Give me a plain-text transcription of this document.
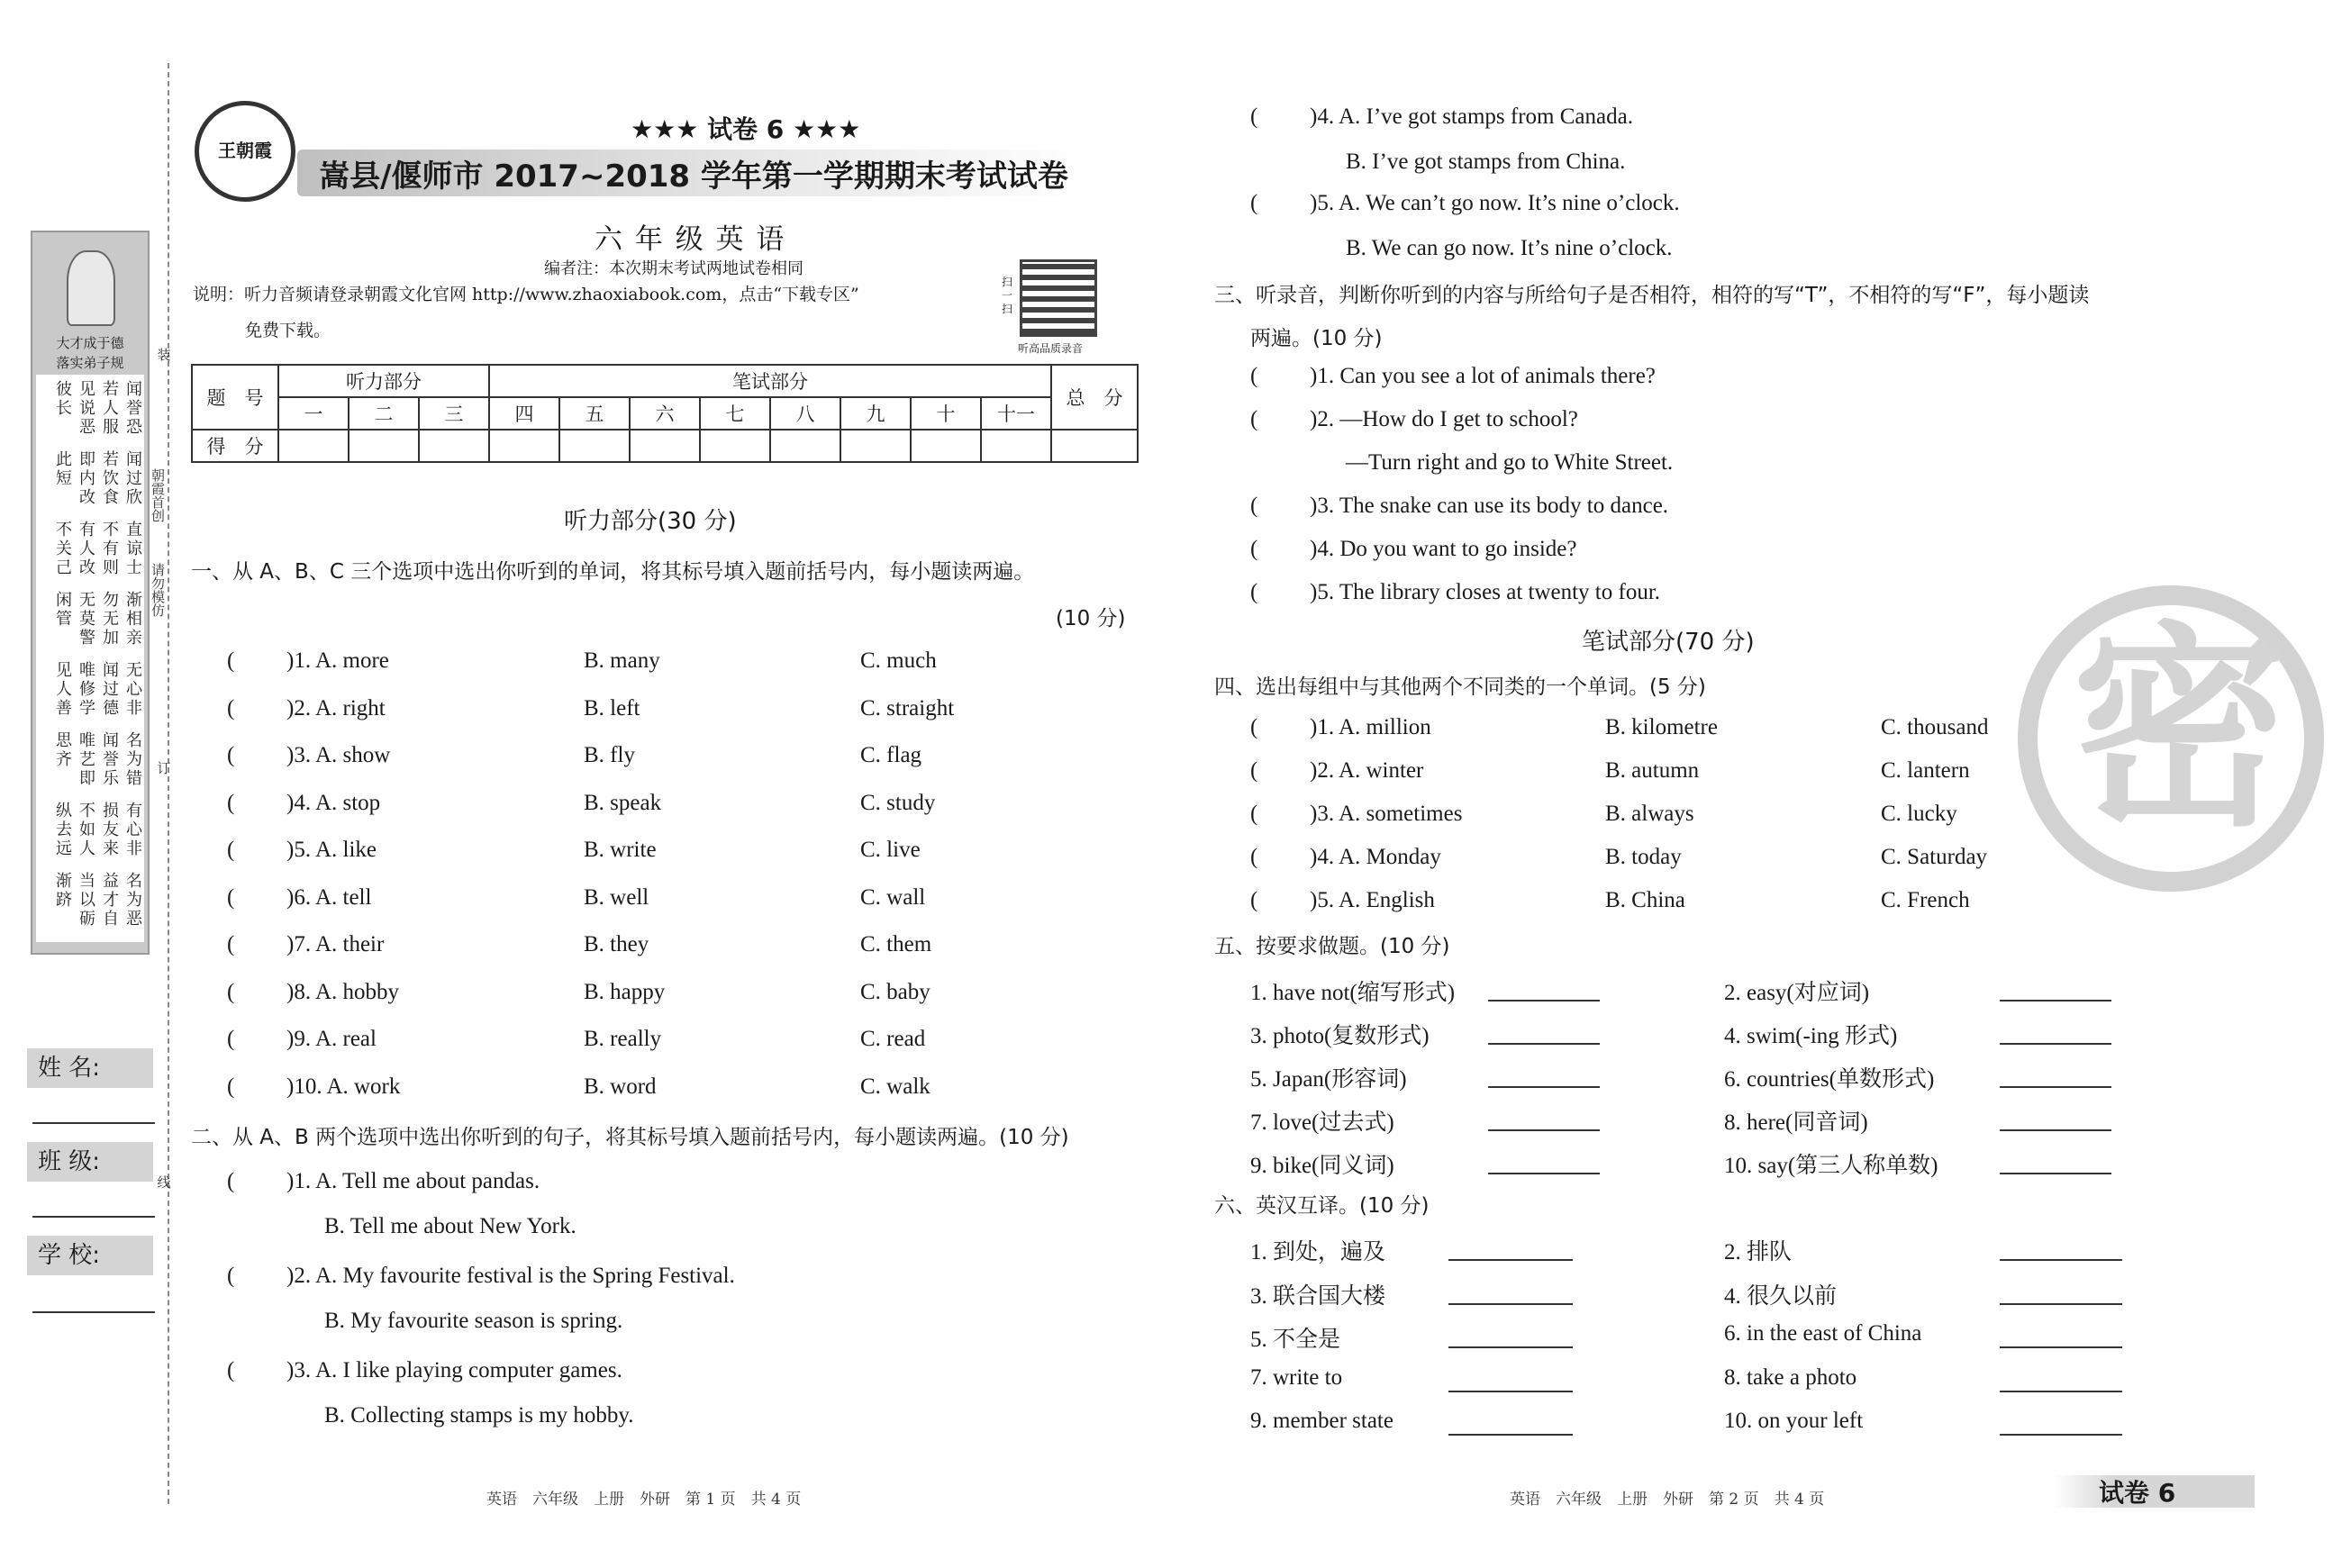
大才成于德
落实弟子规
闻誉恐
若人服
见说恶
彼长
闻过欣
若饮食
即内改
此短
直谅士
不有则
有人改
不关己
渐相亲
勿无加
无莫警
闲管
无心非
闻过德
唯修学
见人善
名为错
闻誉乐
唯艺即
思齐
有心非
损友来
不如人
纵去远
名为恶
益才自
当以砺
渐跻
装
订
线
朝霞首创
请勿模仿
姓 名:
班 级:
学 校:
王朝霞
★★★ 试卷 6 ★★★
嵩县/偃师市 2017~2018 学年第一学期期末考试试卷
六 年 级 英 语
编者注：本次期末考试两地试卷相同
说明：听力音频请登录朝霞文化官网 http://www.zhaoxiabook.com，点击“下载专区”
免费下载。
扫一扫
听高品质录音
题　号	听力部分			笔试部分								总　分
	一	二	三	四	五	六	七	八	九	十	十一	
得　分												
听力部分(30 分)
一、从 A、B、C 三个选项中选出你听到的单词，将其标号填入题前括号内，每小题读两遍。
(10 分)
( )1. A. more	B. many	C. much
( )2. A. right	B. left	C. straight
( )3. A. show	B. fly	C. flag
( )4. A. stop	B. speak	C. study
( )5. A. like	B. write	C. live
( )6. A. tell	B. well	C. wall
( )7. A. their	B. they	C. them
( )8. A. hobby	B. happy	C. baby
( )9. A. real	B. really	C. read
( )10. A. work	B. word	C. walk
二、从 A、B 两个选项中选出你听到的句子，将其标号填入题前括号内，每小题读两遍。(10 分)
( )1. A. Tell me about pandas.
B. Tell me about New York.
( )2. A. My favourite festival is the Spring Festival.
B. My favourite season is spring.
( )3. A. I like playing computer games.
B. Collecting stamps is my hobby.
( )4. A. I’ve got stamps from Canada.
B. I’ve got stamps from China.
( )5. A. We can’t go now. It’s nine o’clock.
B. We can go now. It’s nine o’clock.
三、听录音，判断你听到的内容与所给句子是否相符，相符的写“T”，不相符的写“F”，每小题读
两遍。(10 分)
( )1. Can you see a lot of animals there?
( )2. —How do I get to school?
—Turn right and go to White Street.
( )3. The snake can use its body to dance.
( )4. Do you want to go inside?
( )5. The library closes at twenty to four.
笔试部分(70 分)
四、选出每组中与其他两个不同类的一个单词。(5 分)
( )1. A. million	B. kilometre	C. thousand
( )2. A. winter	B. autumn	C. lantern
( )3. A. sometimes	B. always	C. lucky
( )4. A. Monday	B. today	C. Saturday
( )5. A. English	B. China	C. French
五、按要求做题。(10 分)
1. have not(缩写形式)	2. easy(对应词)
3. photo(复数形式)	4. swim(-ing 形式)
5. Japan(形容词)	6. countries(单数形式)
7. love(过去式)	8. here(同音词)
9. bike(同义词)	10. say(第三人称单数)
六、英汉互译。(10 分)
1. 到处，遍及	2. 排队
3. 联合国大楼	4. 很久以前
5. 不全是	6. in the east of China
7. write to	8. take a photo
9. member state	10. on your left
密
英语　六年级　上册　外研　第 1 页　共 4 页	英语　六年级　上册　外研　第 2 页　共 4 页	试卷 6
